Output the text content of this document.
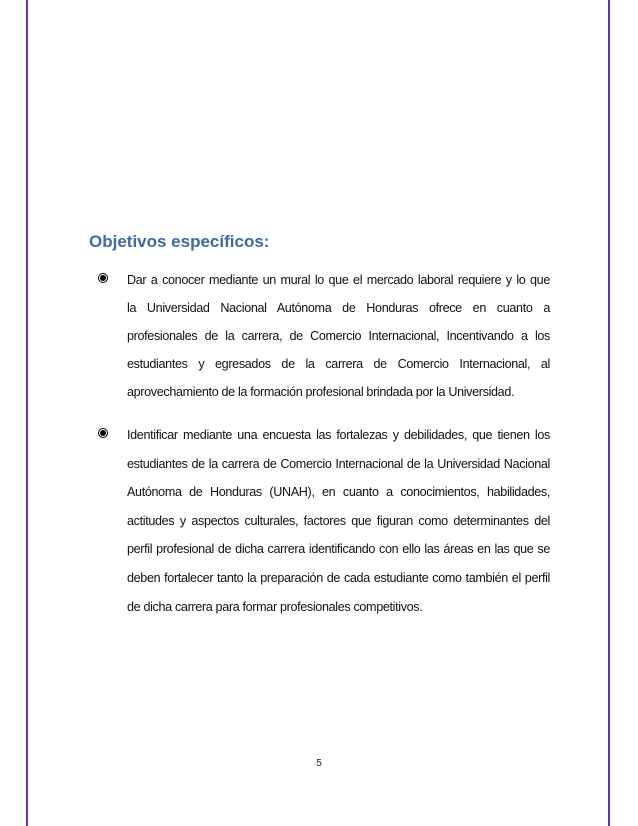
Objetivos específicos:
Dar a conocer mediante un mural lo que el mercado laboral requiere y lo que
la Universidad Nacional Autónoma de Honduras ofrece en cuanto a
profesionales de la carrera, de Comercio Internacional, Incentivando a los
estudiantes y egresados de la carrera de Comercio Internacional, al
aprovechamiento de la formación profesional brindada por la Universidad.
Identificar mediante una encuesta las fortalezas y debilidades, que tienen los
estudiantes de la carrera de Comercio Internacional de la Universidad Nacional
Autónoma de Honduras (UNAH), en cuanto a conocimientos, habilidades,
actitudes y aspectos culturales, factores que figuran como determinantes del
perfil profesional de dicha carrera identificando con ello las áreas en las que se
deben fortalecer tanto la preparación de cada estudiante como también el perfil
de dicha carrera para formar profesionales competitivos.
5
